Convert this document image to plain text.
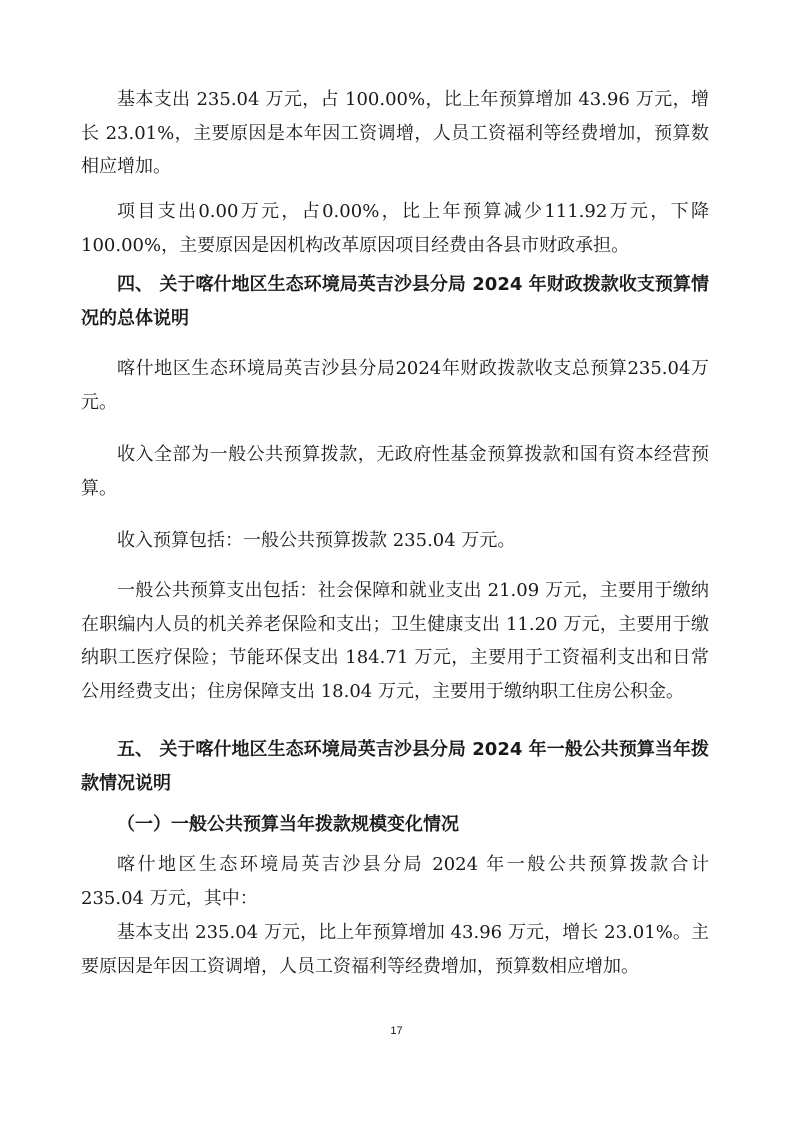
基本支出 235.04 万元，占 100.00%，比上年预算增加 43.96 万元，增长 23.01%，主要原因是本年因工资调增，人员工资福利等经费增加，预算数相应增加。

项目支出0.00万元，占0.00%，比上年预算减少111.92万元，下降100.00%，主要原因是因机构改革原因项目经费由各县市财政承担。

四、 关于喀什地区生态环境局英吉沙县分局 2024 年财政拨款收支预算情况的总体说明

喀什地区生态环境局英吉沙县分局2024年财政拨款收支总预算235.04万元。

收入全部为一般公共预算拨款，无政府性基金预算拨款和国有资本经营预算。

收入预算包括：一般公共预算拨款 235.04 万元。

一般公共预算支出包括：社会保障和就业支出 21.09 万元，主要用于缴纳在职编内人员的机关养老保险和支出；卫生健康支出 11.20 万元，主要用于缴纳职工医疗保险；节能环保支出 184.71 万元，主要用于工资福利支出和日常公用经费支出；住房保障支出 18.04 万元，主要用于缴纳职工住房公积金。

五、 关于喀什地区生态环境局英吉沙县分局 2024 年一般公共预算当年拨款情况说明

（一）一般公共预算当年拨款规模变化情况

喀什地区生态环境局英吉沙县分局 2024 年一般公共预算拨款合计 235.04 万元，其中：

基本支出 235.04 万元，比上年预算增加 43.96 万元，增长 23.01%。主要原因是年因工资调增，人员工资福利等经费增加，预算数相应增加。

17
